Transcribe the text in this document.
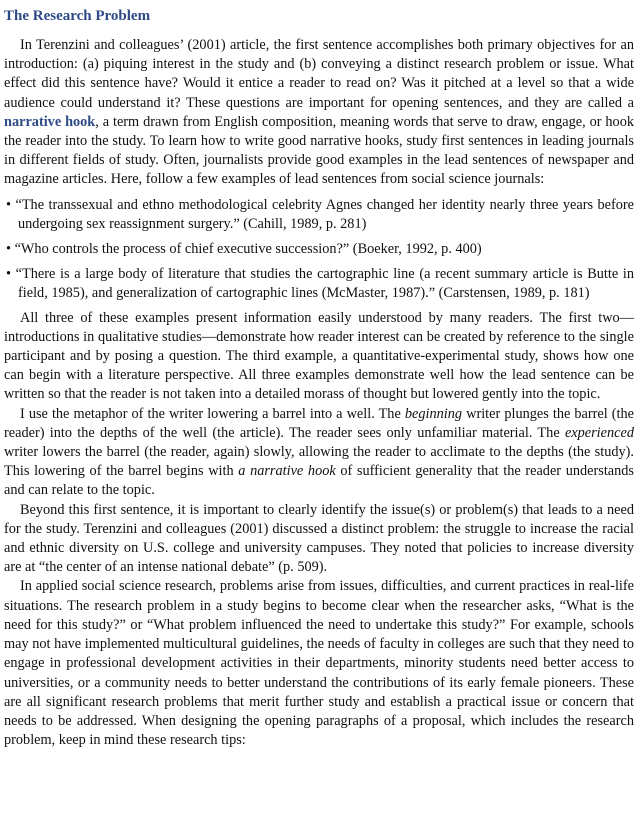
The Research Problem

In Terenzini and colleagues’ (2001) article, the first sentence accomplishes both primary objectives for an introduction: (a) piquing interest in the study and (b) conveying a distinct research problem or issue. What effect did this sentence have? Would it entice a reader to read on? Was it pitched at a level so that a wide audience could understand it? These questions are important for opening sentences, and they are called a narrative hook, a term drawn from English composition, meaning words that serve to draw, engage, or hook the reader into the study. To learn how to write good narrative hooks, study first sentences in leading journals in different fields of study. Often, journalists provide good examples in the lead sentences of newspaper and magazine articles. Here, follow a few examples of lead sentences from social science journals:

• “The transsexual and ethno methodological celebrity Agnes changed her identity nearly three years before undergoing sex reassignment surgery.” (Cahill, 1989, p. 281)
• “Who controls the process of chief executive succession?” (Boeker, 1992, p. 400)
• “There is a large body of literature that studies the cartographic line (a recent summary article is Butte in field, 1985), and generalization of cartographic lines (McMaster, 1987).” (Carstensen, 1989, p. 181)

All three of these examples present information easily understood by many readers. The first two—introductions in qualitative studies—demonstrate how reader interest can be created by reference to the single participant and by posing a question. The third example, a quantitative-experimental study, shows how one can begin with a literature perspective. All three examples demonstrate well how the lead sentence can be written so that the reader is not taken into a detailed morass of thought but lowered gently into the topic.

I use the metaphor of the writer lowering a barrel into a well. The beginning writer plunges the barrel (the reader) into the depths of the well (the article). The reader sees only unfamiliar material. The experienced writer lowers the barrel (the reader, again) slowly, allowing the reader to acclimate to the depths (the study). This lowering of the barrel begins with a narrative hook of sufficient generality that the reader understands and can relate to the topic.

Beyond this first sentence, it is important to clearly identify the issue(s) or problem(s) that leads to a need for the study. Terenzini and colleagues (2001) discussed a distinct problem: the struggle to increase the racial and ethnic diversity on U.S. college and university campuses. They noted that policies to increase diversity are at “the center of an intense national debate” (p. 509).

In applied social science research, problems arise from issues, difficulties, and current practices in real-life situations. The research problem in a study begins to become clear when the researcher asks, “What is the need for this study?” or “What problem influenced the need to undertake this study?” For example, schools may not have implemented multicultural guidelines, the needs of faculty in colleges are such that they need to engage in professional development activities in their departments, minority students need better access to universities, or a community needs to better understand the contributions of its early female pioneers. These are all significant research problems that merit further study and establish a practical issue or concern that needs to be addressed. When designing the opening paragraphs of a proposal, which includes the research problem, keep in mind these research tips:
